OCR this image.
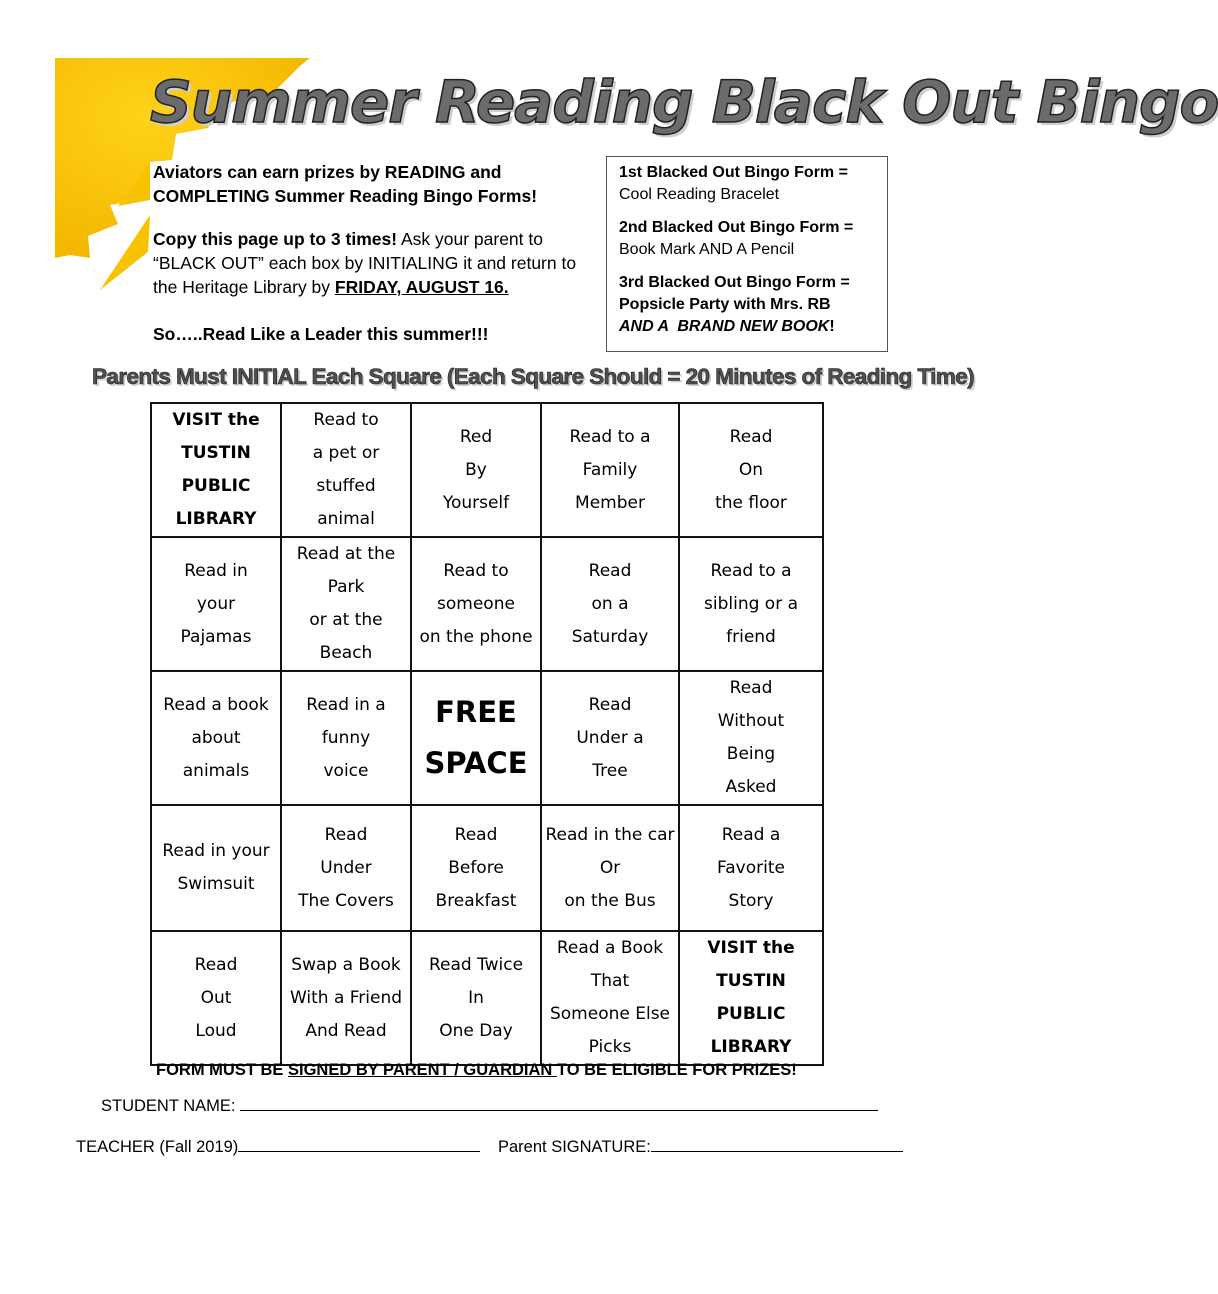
Summer Reading Black Out Bingo

Aviators can earn prizes by READING and COMPLETING Summer Reading Bingo Forms!

Copy this page up to 3 times! Ask your parent to “BLACK OUT” each box by INITIALING it and return to the Heritage Library by FRIDAY, AUGUST 16.

So…..Read Like a Leader this summer!!!

1st Blacked Out Bingo Form =
Cool Reading Bracelet
2nd Blacked Out Bingo Form =
Book Mark AND A Pencil
3rd Blacked Out Bingo Form =
Popsicle Party with Mrs. RB
AND A  BRAND NEW BOOK!
Parents Must INITIAL Each Square (Each Square Should = 20 Minutes of Reading Time)
VISIT the
TUSTIN
PUBLIC
LIBRARY	Read to
a pet or
stuffed
animal	Red
By
Yourself	Read to a
Family
Member	Read
On
the floor

Read in
your
Pajamas	Read at the
Park
or at the
Beach	Read to
someone
on the phone	Read
on a
Saturday	Read to a
sibling or a
friend

Read a book
about
animals	Read in a
funny
voice	FREE
SPACE	Read
Under a
Tree	Read
Without
Being
Asked

Read in your
Swimsuit	Read
Under
The Covers	Read
Before
Breakfast	Read in the car
Or
on the Bus	Read a
Favorite
Story

Read
Out
Loud	Swap a Book
With a Friend
And Read	Read Twice
In
One Day	Read a Book
That
Someone Else
Picks	VISIT the
TUSTIN
PUBLIC
LIBRARY
FORM MUST BE SIGNED BY PARENT / GUARDIAN TO BE ELIGIBLE FOR PRIZES!
STUDENT NAME:
TEACHER (Fall 2019)	Parent SIGNATURE:
